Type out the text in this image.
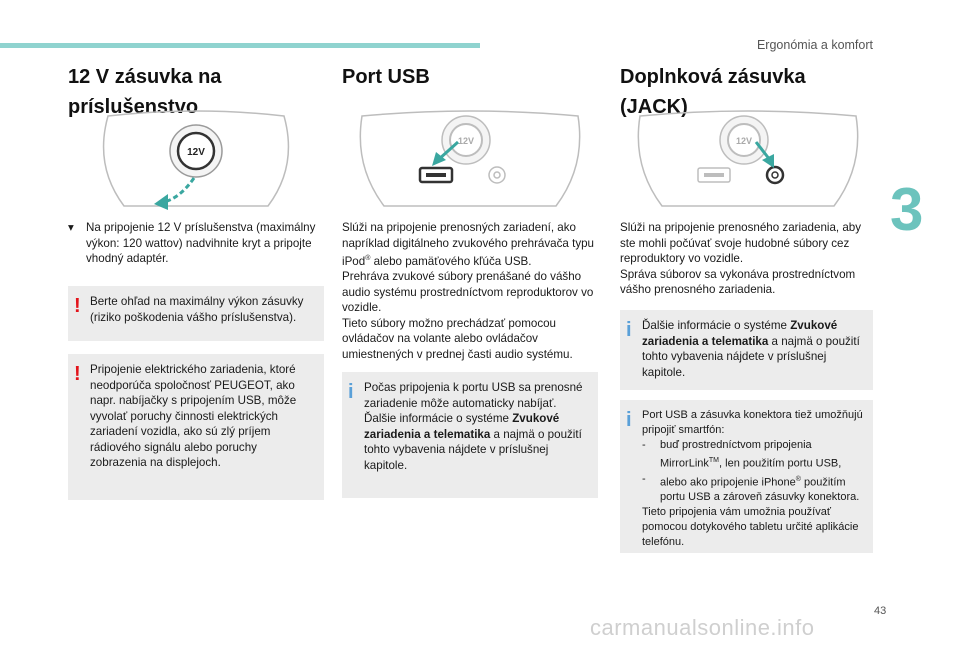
Ergonómia a komfort
3
12 V zásuvka na príslušenstvo
12V
▾ Na pripojenie 12 V príslušenstva (maximálny výkon: 120 wattov) nadvihnite kryt a pripojte vhodný adaptér.
! Berte ohľad na maximálny výkon zásuvky (riziko poškodenia vášho príslušenstva).
! Pripojenie elektrického zariadenia, ktoré neodporúča spoločnosť PEUGEOT, ako napr. nabíjačky s pripojením USB, môže vyvolať poruchy činnosti elektrických zariadení vozidla, ako sú zlý príjem rádiového signálu alebo poruchy zobrazenia na displejoch.
Port USB
12V

Slúži na pripojenie prenosných zariadení, ako napríklad digitálneho zvukového prehrávača typu iPod® alebo pamäťového kľúča USB.

Prehráva zvukové súbory prenášané do vášho audio systému prostredníctvom reproduktorov vo vozidle.

Tieto súbory možno prechádzať pomocou ovládačov na volante alebo ovládačov umiestnených v prednej časti audio systému.

i Počas pripojenia k portu USB sa prenosné zariadenie môže automaticky nabíjať.
Ďalšie informácie o systéme Zvukové zariadenia a telematika a najmä o použití tohto vybavenia nájdete v príslušnej kapitole.
Doplnková zásuvka (JACK)
12V

Slúži na pripojenie prenosného zariadenia, aby ste mohli počúvať svoje hudobné súbory cez reproduktory vo vozidle.

Správa súborov sa vykonáva prostredníctvom vášho prenosného zariadenia.

i Ďalšie informácie o systéme Zvukové zariadenia a telematika a najmä o použití tohto vybavenia nájdete v príslušnej kapitole.
i Port USB a zásuvka konektora tiež umožňujú pripojiť smartfón:
- buď prostredníctvom pripojenia MirrorLink™, len použitím portu USB,
- alebo ako pripojenie iPhone® použitím portu USB a zároveň zásuvky konektora.
Tieto pripojenia vám umožnia používať pomocou dotykového tabletu určité aplikácie telefónu.
43
carmanualsonline.info
